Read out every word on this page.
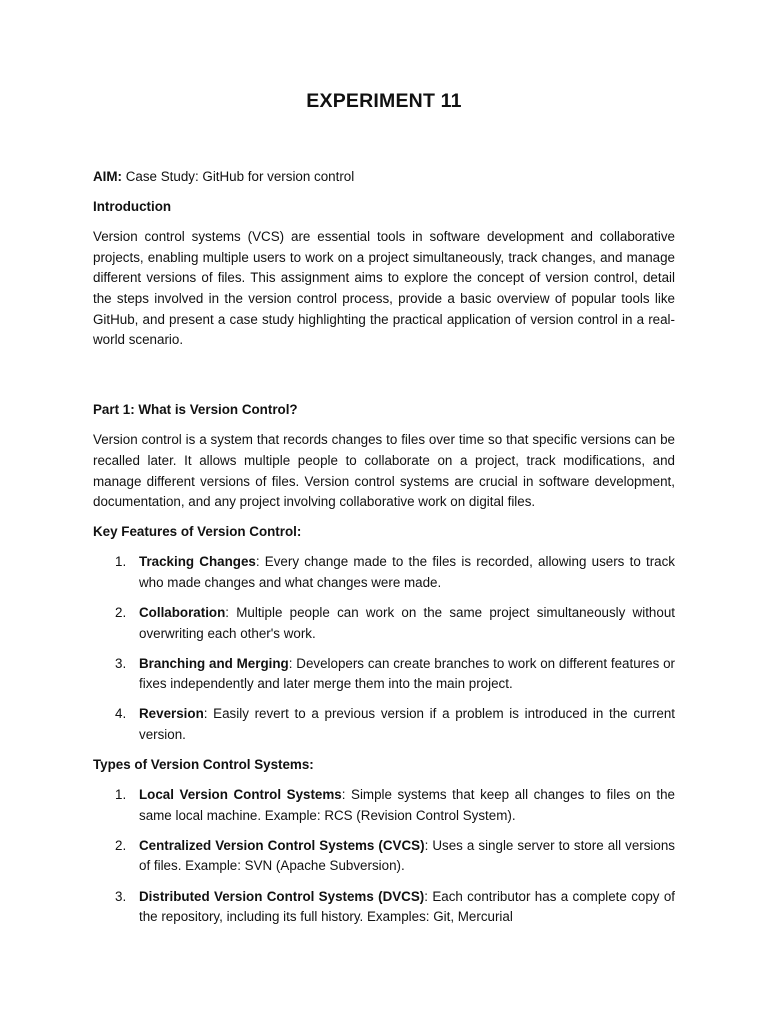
EXPERIMENT 11

AIM: Case Study: GitHub for version control

Introduction

Version control systems (VCS) are essential tools in software development and collaborative projects, enabling multiple users to work on a project simultaneously, track changes, and manage different versions of files. This assignment aims to explore the concept of version control, detail the steps involved in the version control process, provide a basic overview of popular tools like GitHub, and present a case study highlighting the practical application of version control in a real-world scenario.

Part 1: What is Version Control?

Version control is a system that records changes to files over time so that specific versions can be recalled later. It allows multiple people to collaborate on a project, track modifications, and manage different versions of files. Version control systems are crucial in software development, documentation, and any project involving collaborative work on digital files.

Key Features of Version Control:

1. Tracking Changes: Every change made to the files is recorded, allowing users to track who made changes and what changes were made.
2. Collaboration: Multiple people can work on the same project simultaneously without overwriting each other's work.
3. Branching and Merging: Developers can create branches to work on different features or fixes independently and later merge them into the main project.
4. Reversion: Easily revert to a previous version if a problem is introduced in the current version.

Types of Version Control Systems:

1. Local Version Control Systems: Simple systems that keep all changes to files on the same local machine. Example: RCS (Revision Control System).
2. Centralized Version Control Systems (CVCS): Uses a single server to store all versions of files. Example: SVN (Apache Subversion).
3. Distributed Version Control Systems (DVCS): Each contributor has a complete copy of the repository, including its full history. Examples: Git, Mercurial
